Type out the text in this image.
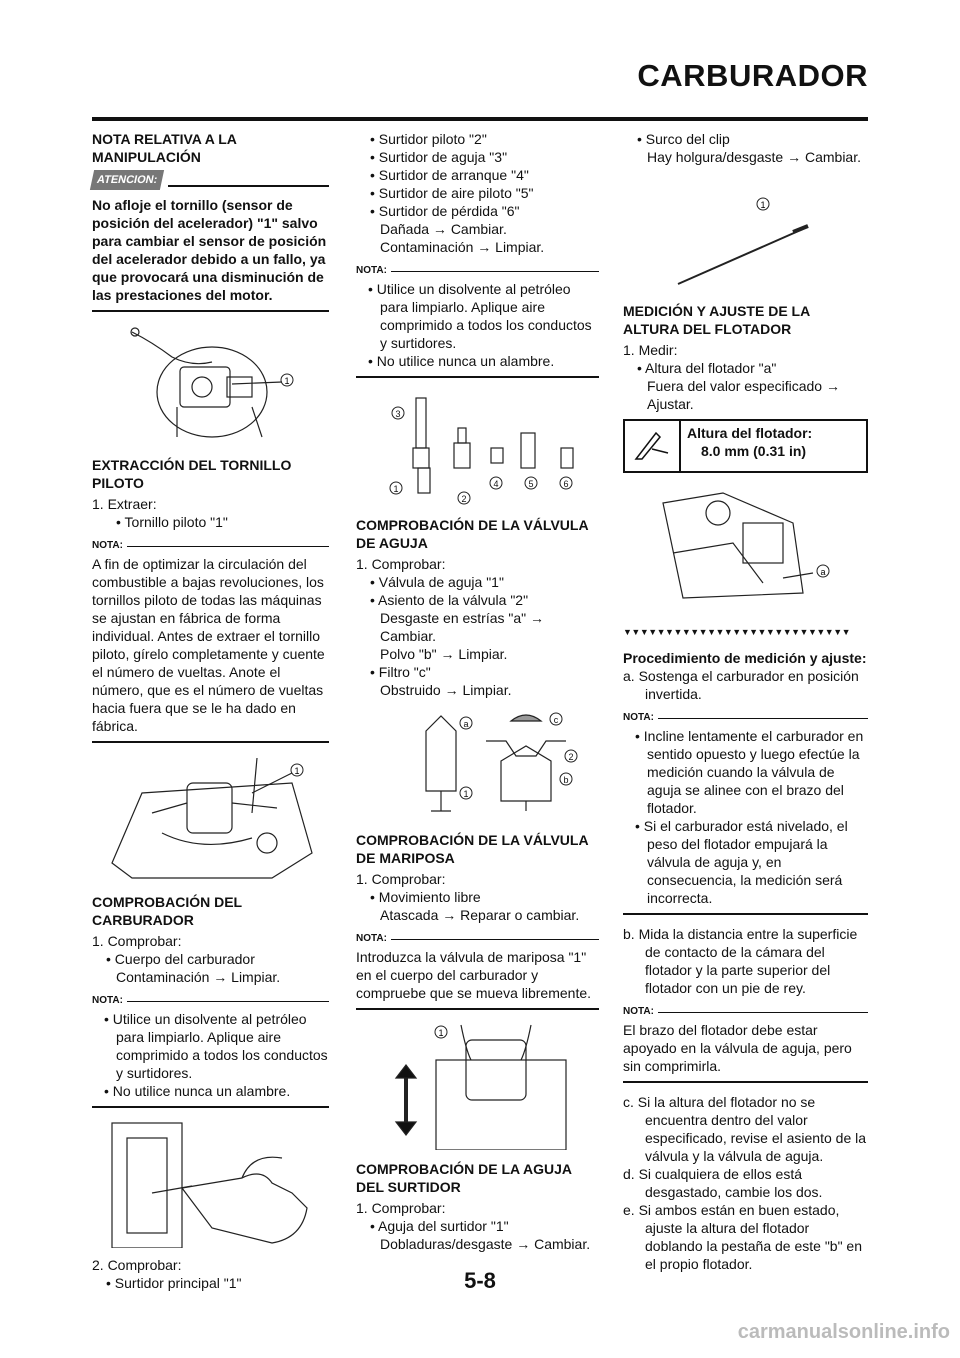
CARBURADOR
NOTA RELATIVA A LA MANIPULACIÓN
ATENCION:

No afloje el tornillo (sensor de posición del acelerador) "1" salvo para cambiar el sensor de posición del acelerador debido a un fallo, ya que provocará una disminución de las prestaciones del motor.

1
EXTRACCIÓN DEL TORNILLO PILOTO

1. Extraer:

• Tornillo piloto "1"

NOTA:

A fin de optimizar la circulación del combustible a bajas revoluciones, los tornillos piloto de todas las máquinas se ajustan en fábrica de forma individual. Antes de extraer el tornillo piloto, gírelo completamente y cuente el número de vueltas. Anote el número, que es el número de vueltas hacia fuera que se le ha dado en fábrica.

1
COMPROBACIÓN DEL CARBURADOR

1. Comprobar:

• Cuerpo del carburador

Contaminación → Limpiar.

NOTA:

• Utilice un disolvente al petróleo para limpiarlo. Aplique aire comprimido a todos los conductos y surtidores.

• No utilice nunca un alambre.

2. Comprobar:

• Surtidor principal "1"

• Surtidor piloto "2"

• Surtidor de aguja "3"

• Surtidor de arranque "4"

• Surtidor de aire piloto "5"

• Surtidor de pérdida "6"

Dañada → Cambiar.

Contaminación → Limpiar.

NOTA:

• Utilice un disolvente al petróleo para limpiarlo. Aplique aire comprimido a todos los conductos y surtidores.

• No utilice nunca un alambre.

1
2
3
4	5	6
COMPROBACIÓN DE LA VÁLVULA DE AGUJA

1. Comprobar:

• Válvula de aguja "1"

• Asiento de la válvula "2"

Desgaste en estrías "a" → Cambiar.

Polvo "b" → Limpiar.

• Filtro "c"

Obstruido → Limpiar.

a	c
2
1
b
COMPROBACIÓN DE LA VÁLVULA DE MARIPOSA

1. Comprobar:

• Movimiento libre

Atascada → Reparar o cambiar.

NOTA:

Introduzca la válvula de mariposa "1" en el cuerpo del carburador y compruebe que se mueva libremente.

1
COMPROBACIÓN DE LA AGUJA DEL SURTIDOR

1. Comprobar:

• Aguja del surtidor "1"

Dobladuras/desgaste → Cambiar.

• Surco del clip

Hay holgura/desgaste → Cambiar.

1
MEDICIÓN Y AJUSTE DE LA ALTURA DEL FLOTADOR

1. Medir:

• Altura del flotador "a"

Fuera del valor especificado → Ajustar.

Altura del flotador:
8.0 mm (0.31 in)
a
▼▼▼▼▼▼▼▼▼▼▼▼▼▼▼▼▼▼▼▼▼▼▼▼▼▼▼

Procedimiento de medición y ajuste:

a. Sostenga el carburador en posición invertida.

NOTA:

• Incline lentamente el carburador en sentido opuesto y luego efectúe la medición cuando la válvula de aguja se alinee con el brazo del flotador.

• Si el carburador está nivelado, el peso del flotador empujará la válvula de aguja y, en consecuencia, la medición será incorrecta.

b. Mida la distancia entre la superficie de contacto de la cámara del flotador y la parte superior del flotador con un pie de rey.

NOTA:

El brazo del flotador debe estar apoyado en la válvula de aguja, pero sin comprimirla.

c. Si la altura del flotador no se encuentra dentro del valor especificado, revise el asiento de la válvula y la válvula de aguja.

d. Si cualquiera de ellos está desgastado, cambie los dos.

e. Si ambos están en buen estado, ajuste la altura del flotador doblando la pestaña de este "b" en el propio flotador.

5-8
carmanualsonline.info
